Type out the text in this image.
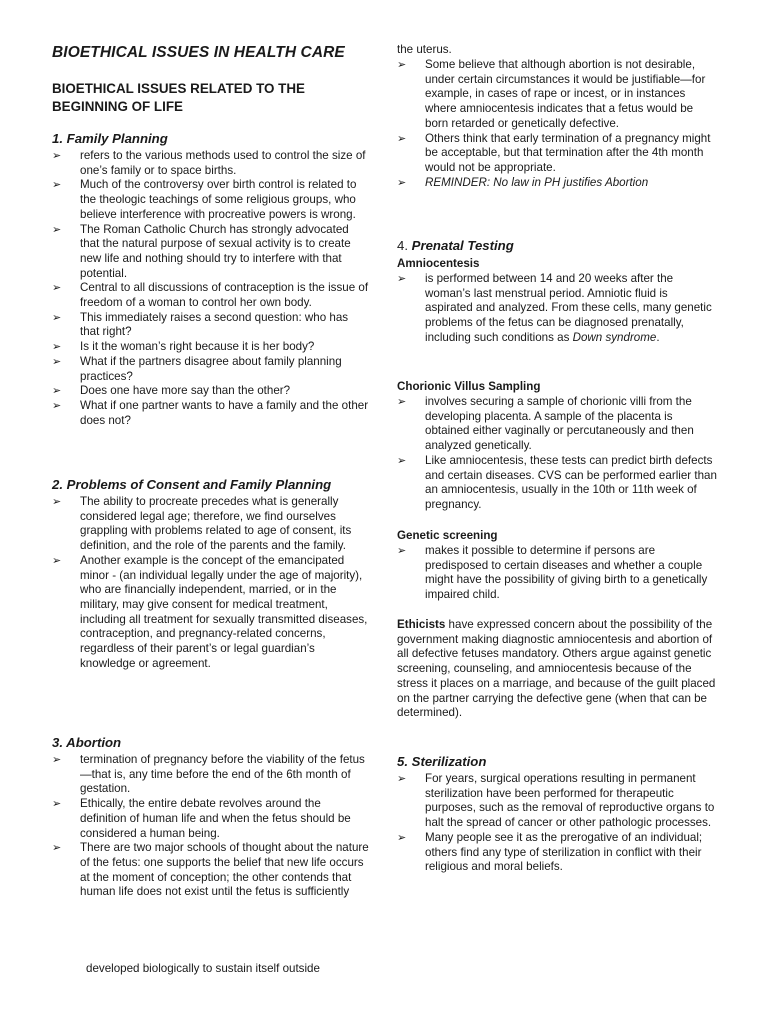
BIOETHICAL ISSUES IN HEALTH CARE
BIOETHICAL ISSUES RELATED TO THE BEGINNING OF LIFE
1. Family Planning
➢	refers to the various methods used to control the size of one’s family or to space births.
➢	Much of the controversy over birth control is related to the theologic teachings of some religious groups, who believe interference with procreative powers is wrong.
➢	The Roman Catholic Church has strongly advocated that the natural purpose of sexual activity is to create new life and nothing should try to interfere with that potential.
➢	Central to all discussions of contraception is the issue of freedom of a woman to control her own body.
➢	This immediately raises a second question: who has that right?
➢	Is it the woman’s right because it is her body?
➢	What if the partners disagree about family planning practices?
➢	Does one have more say than the other?
➢	What if one partner wants to have a family and the other does not?
2. Problems of Consent and Family Planning
➢	The ability to procreate precedes what is generally considered legal age; therefore, we find ourselves grappling with problems related to age of consent, its definition, and the role of the parents and the family.
➢	Another example is the concept of the emancipated minor - (an individual legally under the age of majority), who are financially independent, married, or in the military, may give consent for medical treatment, including all treatment for sexually transmitted diseases, contraception, and pregnancy-related concerns, regardless of their parent’s or legal guardian’s knowledge or agreement.
3. Abortion
➢	termination of pregnancy before the viability of the fetus—that is, any time before the end of the 6th month of gestation.
➢	Ethically, the entire debate revolves around the definition of human life and when the fetus should be considered a human being.
➢	There are two major schools of thought about the nature of the fetus: one supports the belief that new life occurs at the moment of conception; the other contends that human life does not exist until the fetus is sufficiently
developed biologically to sustain itself outside
the uterus.
➢	Some believe that although abortion is not desirable, under certain circumstances it would be justifiable—for example, in cases of rape or incest, or in instances where amniocentesis indicates that a fetus would be born retarded or genetically defective.
➢	Others think that early termination of a pregnancy might be acceptable, but that termination after the 4th month would not be appropriate.
➢	REMINDER: No law in PH justifies Abortion
4. Prenatal Testing
Amniocentesis
➢	is performed between 14 and 20 weeks after the woman’s last menstrual period. Amniotic fluid is aspirated and analyzed. From these cells, many genetic problems of the fetus can be diagnosed prenatally, including such conditions as Down syndrome.
Chorionic Villus Sampling
➢	involves securing a sample of chorionic villi from the developing placenta. A sample of the placenta is obtained either vaginally or percutaneously and then analyzed genetically.
➢	Like amniocentesis, these tests can predict birth defects and certain diseases. CVS can be performed earlier than an amniocentesis, usually in the 10th or 11th week of pregnancy.
Genetic screening
➢	makes it possible to determine if persons are predisposed to certain diseases and whether a couple might have the possibility of giving birth to a genetically impaired child.

Ethicists have expressed concern about the possibility of the government making diagnostic amniocentesis and abortion of all defective fetuses mandatory. Others argue against genetic screening, counseling, and amniocentesis because of the stress it places on a marriage, and because of the guilt placed on the partner carrying the defective gene (when that can be determined).

5. Sterilization
➢	For years, surgical operations resulting in permanent sterilization have been performed for therapeutic purposes, such as the removal of reproductive organs to halt the spread of cancer or other pathologic processes.
➢	Many people see it as the prerogative of an individual; others find any type of sterilization in conflict with their religious and moral beliefs.
